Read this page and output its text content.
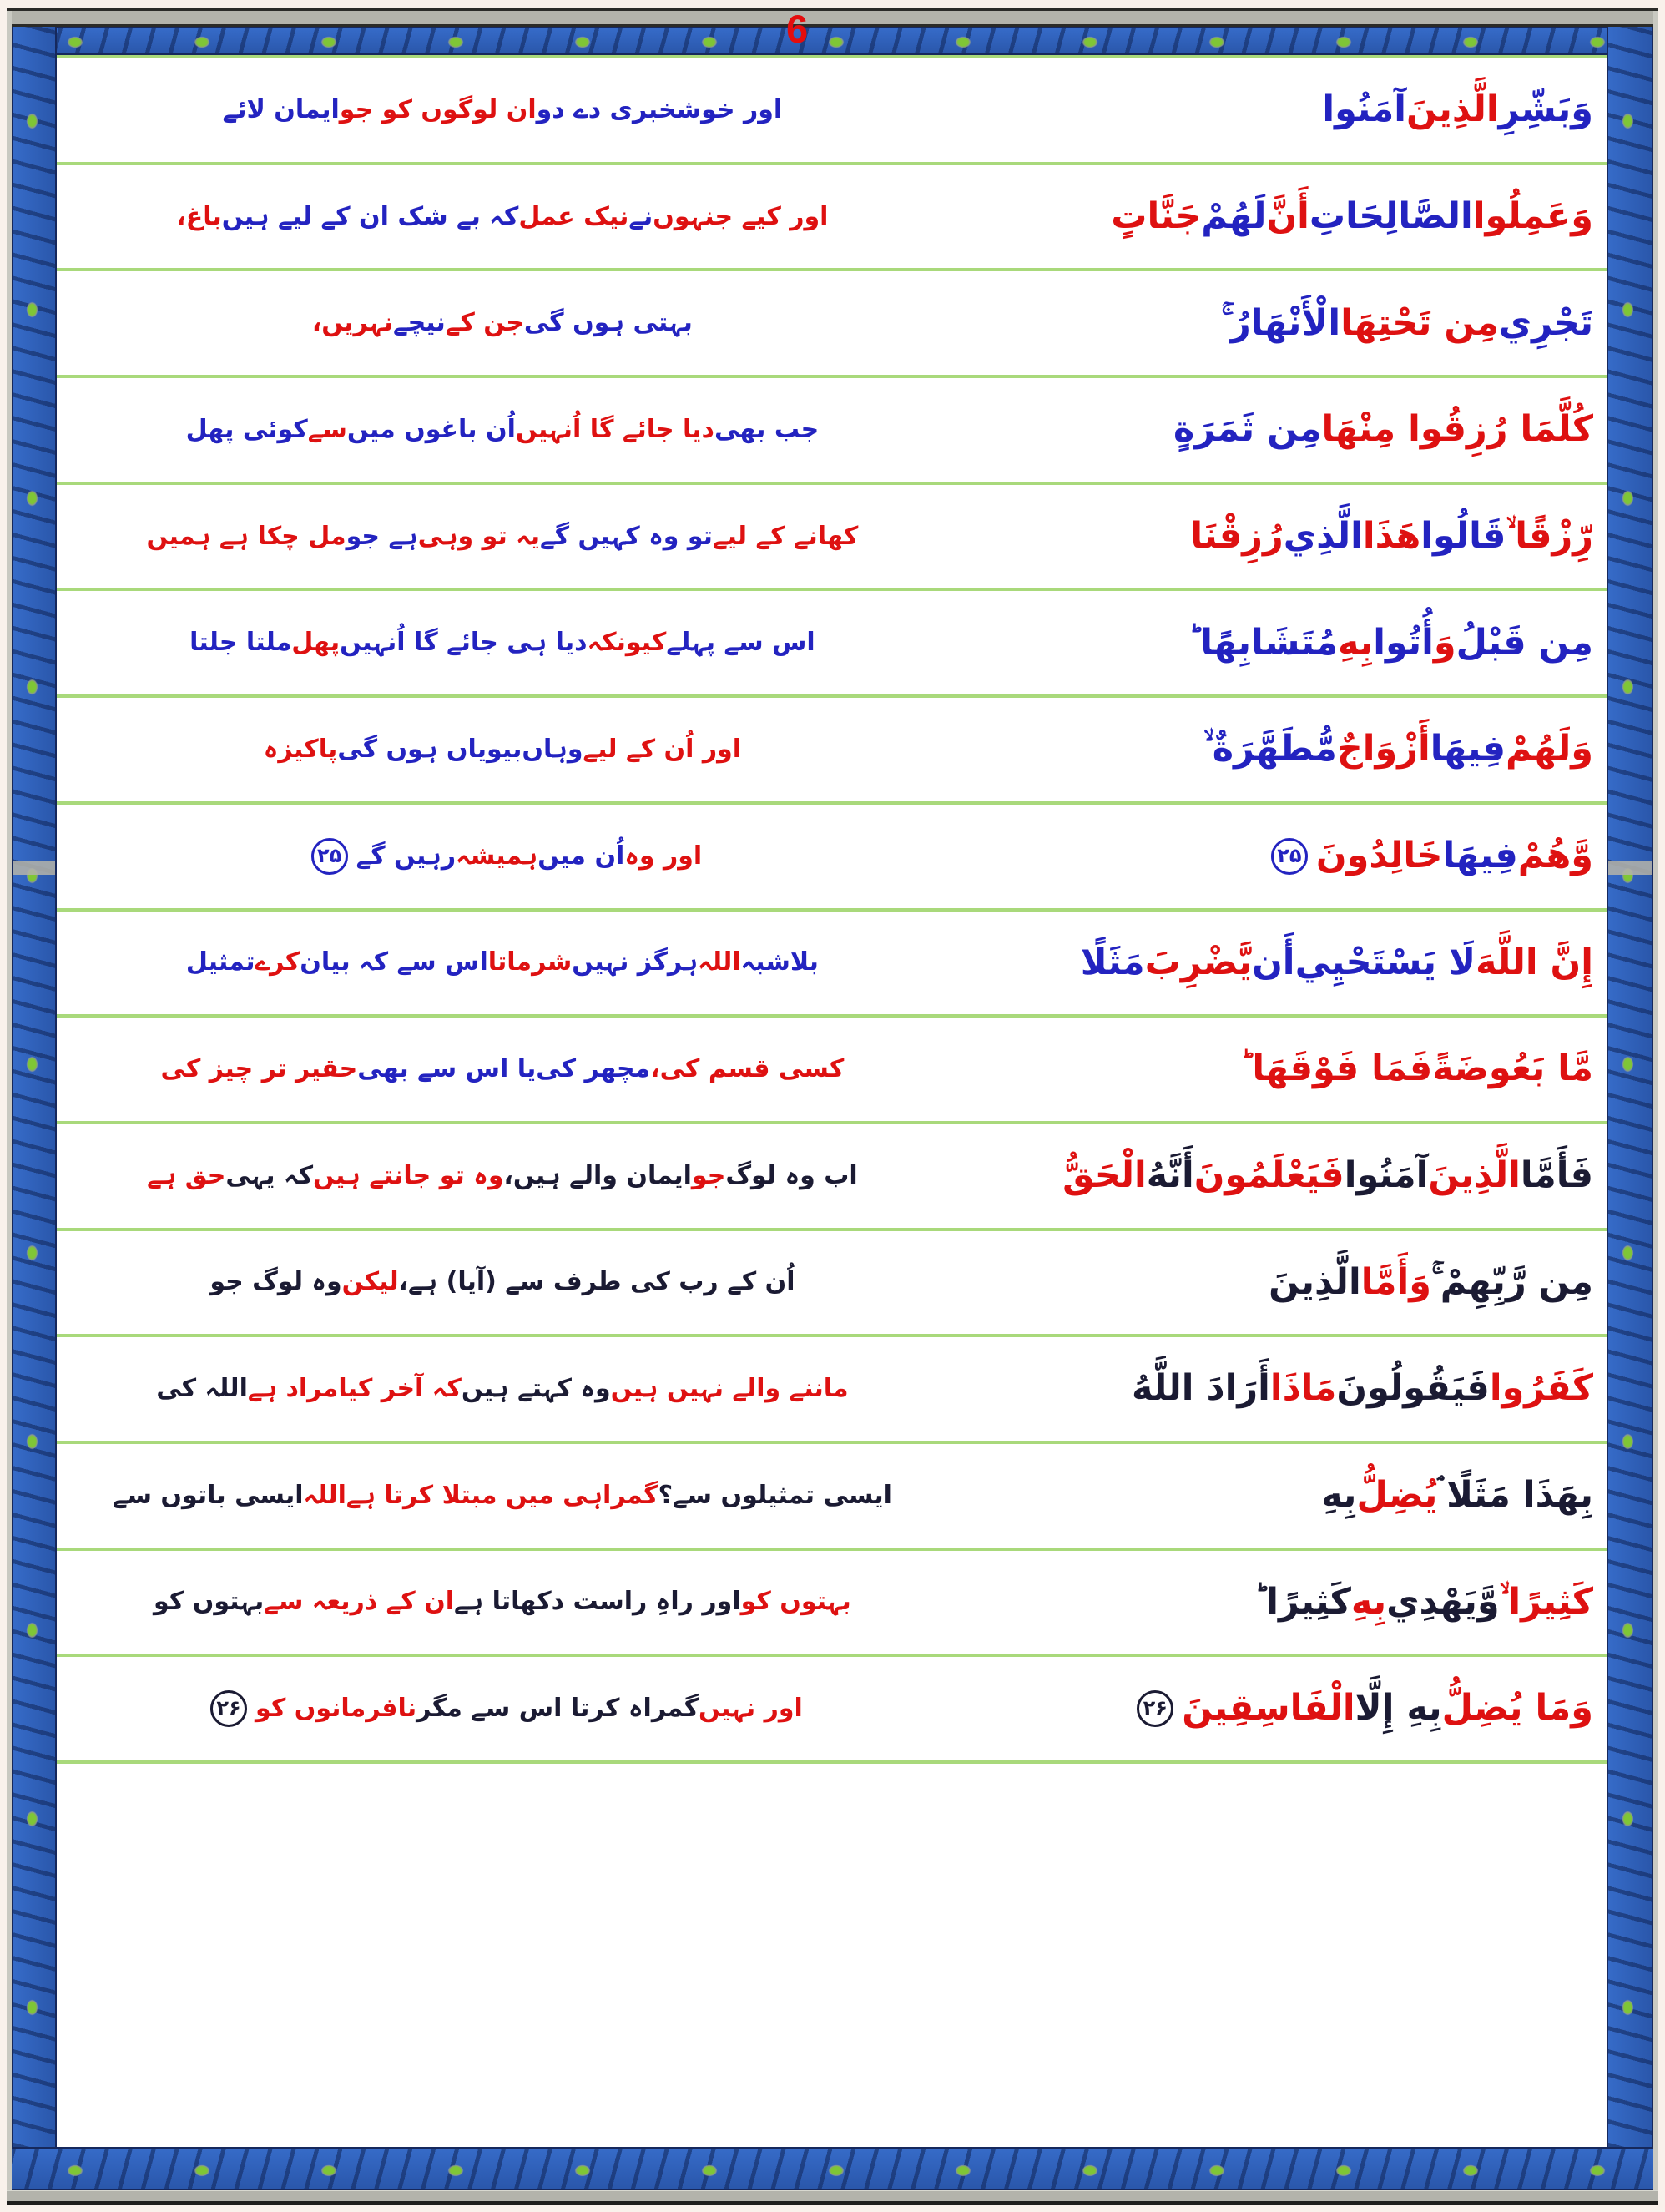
6
وَبَشِّرِ
الَّذِينَ
آمَنُوا
اور خوشخبری دے دو
ان لوگوں کو جو
ایمان لائے
وَعَمِلُوا
الصَّالِحَاتِ
أَنَّ
لَهُمْ
جَنَّاتٍ
اور کیے جنہوں
نے
نیک عمل
کہ بے شک ان کے لیے ہیں
باغ،
تَجْرِي
مِن تَحْتِهَا
الْأَنْهَارُ ۚ
بہتی ہوں گی
جن کے
نیچے
نہریں،
كُلَّمَا رُزِقُوا مِنْهَا
مِن ثَمَرَةٍ
جب بھی
دیا جائے گا اُنہیں
اُن باغوں میں
سے
کوئی پھل
رِّزْقًا ۙ
قَالُوا
هَذَا
الَّذِي
رُزِقْنَا
کھانے کے لیے
تو وہ کہیں گے
یہ تو وہی
ہے جو
مل چکا ہے ہمیں
مِن قَبْلُ
وَ
أُتُوا
بِهِ
مُتَشَابِهًا ؕ
اس سے پہلے
کیونکہ
دیا ہی جائے گا اُنہیں
پھل
ملتا جلتا
وَلَهُمْ
فِيهَا
أَزْوَاجٌ
مُّطَهَّرَةٌ ۙ
اور اُن کے لیے
وہاں
بیویاں ہوں گی
پاکیزہ
وَّهُمْ
فِيهَا
خَالِدُونَ
۲۵
اور وہ
اُن میں
ہمیشہ
رہیں گے
۲۵
إِنَّ اللَّهَ
لَا يَسْتَحْيِي
أَن
يَّضْرِبَ
مَثَلًا
بلاشبہ
اللہ
ہرگز نہیں
شرماتا
اس سے کہ بیان
کرے
تمثیل
مَّا بَعُوضَةً
فَمَا فَوْقَهَا ؕ
کسی قسم کی،
مچھر کی
یا اس سے بھی
حقیر تر چیز کی
فَأَمَّا
الَّذِينَ
آمَنُوا
فَيَعْلَمُونَ
أَنَّهُ
الْحَقُّ
اب وہ لوگ
جو
ایمان والے ہیں،
وہ تو جانتے ہیں
کہ یہی
حق ہے
مِن رَّبِّهِمْ ۚ
وَأَمَّا
الَّذِينَ
اُن کے رب کی طرف سے (آیا) ہے،
لیکن
وہ لوگ جو
كَفَرُوا
فَيَقُولُونَ
مَاذَا
أَرَادَ اللَّهُ
ماننے والے نہیں ہیں
وہ کہتے ہیں
کہ آخر کیا
مراد ہے
اللہ کی
بِهَذَا مَثَلًا ۘ
يُضِلُّ
بِهِ
ایسی تمثیلوں سے؟
گمراہی میں مبتلا کرتا ہے
اللہ
ایسی باتوں سے
كَثِيرًا ۙ
وَّيَهْدِي
بِهِ
كَثِيرًا ؕ
بہتوں کو
اور راہِ راست دکھاتا ہے
ان کے ذریعہ سے
بہتوں کو
وَمَا يُضِلُّ
بِهِ إِلَّا
الْفَاسِقِينَ
۲۶
اور نہیں
گمراہ کرتا اس سے مگر
نافرمانوں کو
۲۶
